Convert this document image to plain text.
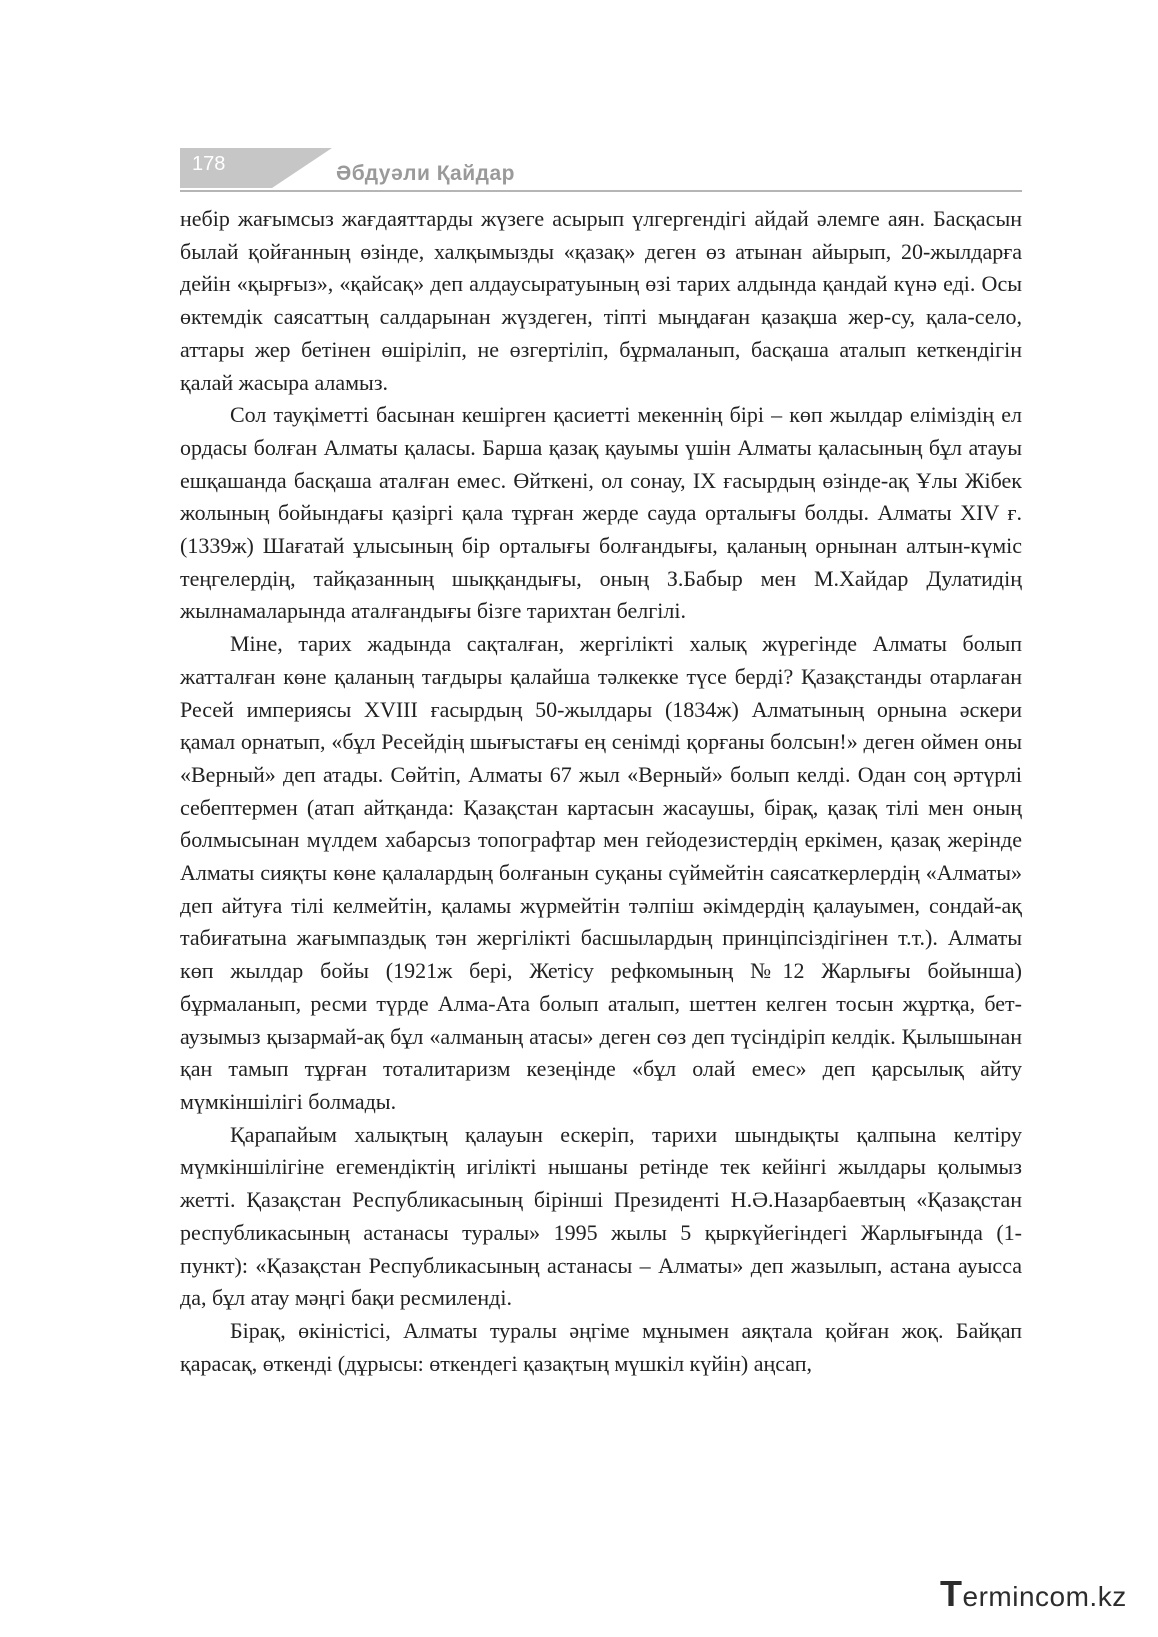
178	Әбдуәли Қайдар

небір жағымсыз жағдаяттарды жүзеге асырып үлгергендігі айдай әлемге аян. Басқасын былай қойғанның өзінде, халқымызды «қазақ» деген өз атынан айырып, 20-жылдарға дейін «қырғыз», «қайсақ» деп алдаусыратуының өзі тарих алдында қандай күнә еді. Осы өктемдік саясаттың салдарынан жүздеген, тіпті мыңдаған қазақша жер-су, қала-село, аттары жер бетінен өшіріліп, не өзгертіліп, бұрмаланып, басқаша аталып кеткендігін қалай жасыра аламыз.

Сол тауқіметті басынан кешірген қасиетті мекеннің бірі – көп жылдар еліміздің ел ордасы болған Алматы қаласы. Барша қазақ қауымы үшін Алматы қаласының бұл атауы ешқашанда басқаша аталған емес. Өйткені, ол сонау, IX ғасырдың өзінде-ақ Ұлы Жібек жолының бойындағы қазіргі қала тұрған жерде сауда орталығы болды. Алматы XIV ғ. (1339ж) Шағатай ұлысының бір орталығы болғандығы, қаланың орнынан алтын-күміс теңгелердің, тайқазанның шыққандығы, оның З.Бабыр мен М.Хайдар Дулатидің жылнамаларында аталғандығы бізге тарихтан белгілі.

Міне, тарих жадында сақталған, жергілікті халық жүрегінде Алматы болып жатталған көне қаланың тағдыры қалайша тәлкекке түсе берді? Қазақстанды отарлаған Ресей империясы XVIII ғасырдың 50-жылдары (1834ж) Алматының орнына әскери қамал орнатып, «бұл Ресейдің шығыстағы ең сенімді қорғаны болсын!» деген оймен оны «Верный» деп атады. Сөйтіп, Алматы 67 жыл «Верный» болып келді. Одан соң әртүрлі себептермен (атап айтқанда: Қазақстан картасын жасаушы, бірақ, қазақ тілі мен оның болмысынан мүлдем хабарсыз топографтар мен гейодезистердің еркімен, қазақ жерінде Алматы сияқты көне қалалардың болғанын суқаны сүймейтін саясаткерлердің «Алматы» деп айтуға тілі келмейтін, қаламы жүрмейтін тәлпіш әкімдердің қалауымен, сондай-ақ табиғатына жағымпаздық тән жергілікті басшылардың принціпсіздігінен т.т.). Алматы көп жылдар бойы (1921ж бері, Жетісу рефкомының №12 Жарлығы бойынша) бұрмаланып, ресми түрде Алма-Ата болып аталып, шеттен келген тосын жұртқа, бет-аузымыз қызармай-ақ бұл «алманың атасы» деген сөз деп түсіндіріп келдік. Қылышынан қан тамып тұрған тоталитаризм кезеңінде «бұл олай емес» деп қарсылық айту мүмкіншілігі болмады.

Қарапайым халықтың қалауын ескеріп, тарихи шындықты қалпына келтіру мүмкіншілігіне егемендіктің игілікті нышаны ретінде тек кейінгі жылдары қолымыз жетті. Қазақстан Республикасының бірінші Президенті Н.Ә.Назарбаевтың «Қазақстан республикасының астанасы туралы» 1995 жылы 5 қыркүйегіндегі Жарлығында (1-пункт): «Қазақстан Республикасының астанасы – Алматы» деп жазылып, астана ауысса да, бұл атау мәңгі бақи ресмиленді.

Бірақ, өкіністісі, Алматы туралы әңгіме мұнымен аяқтала қойған жоқ. Байқап қарасақ, өткенді (дұрысы: өткендегі қазақтың мүшкіл күйін) аңсап,

Termincom.kz
